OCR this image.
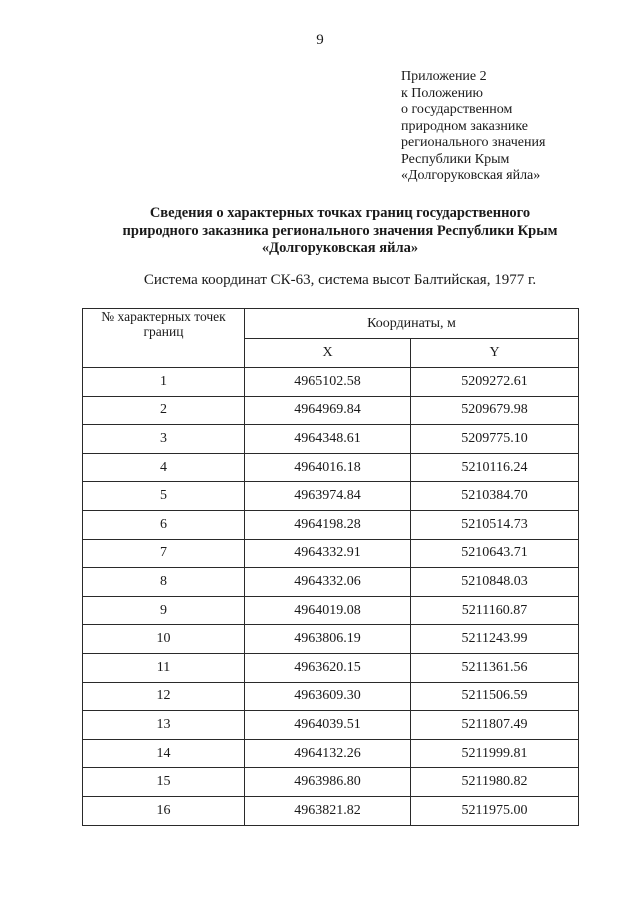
9
Приложение 2
к Положению
о государственном
природном заказнике
регионального значения
Республики Крым
«Долгоруковская яйла»
Сведения о характерных точках границ государственного
природного заказника регионального значения Республики Крым
«Долгоруковская яйла»
Система координат СК-63, система высот Балтийская, 1977 г.
№ характерных точек границ	Координаты, м	
	X	Y
1	4965102.58	5209272.61
2	4964969.84	5209679.98
3	4964348.61	5209775.10
4	4964016.18	5210116.24
5	4963974.84	5210384.70
6	4964198.28	5210514.73
7	4964332.91	5210643.71
8	4964332.06	5210848.03
9	4964019.08	5211160.87
10	4963806.19	5211243.99
11	4963620.15	5211361.56
12	4963609.30	5211506.59
13	4964039.51	5211807.49
14	4964132.26	5211999.81
15	4963986.80	5211980.82
16	4963821.82	5211975.00
